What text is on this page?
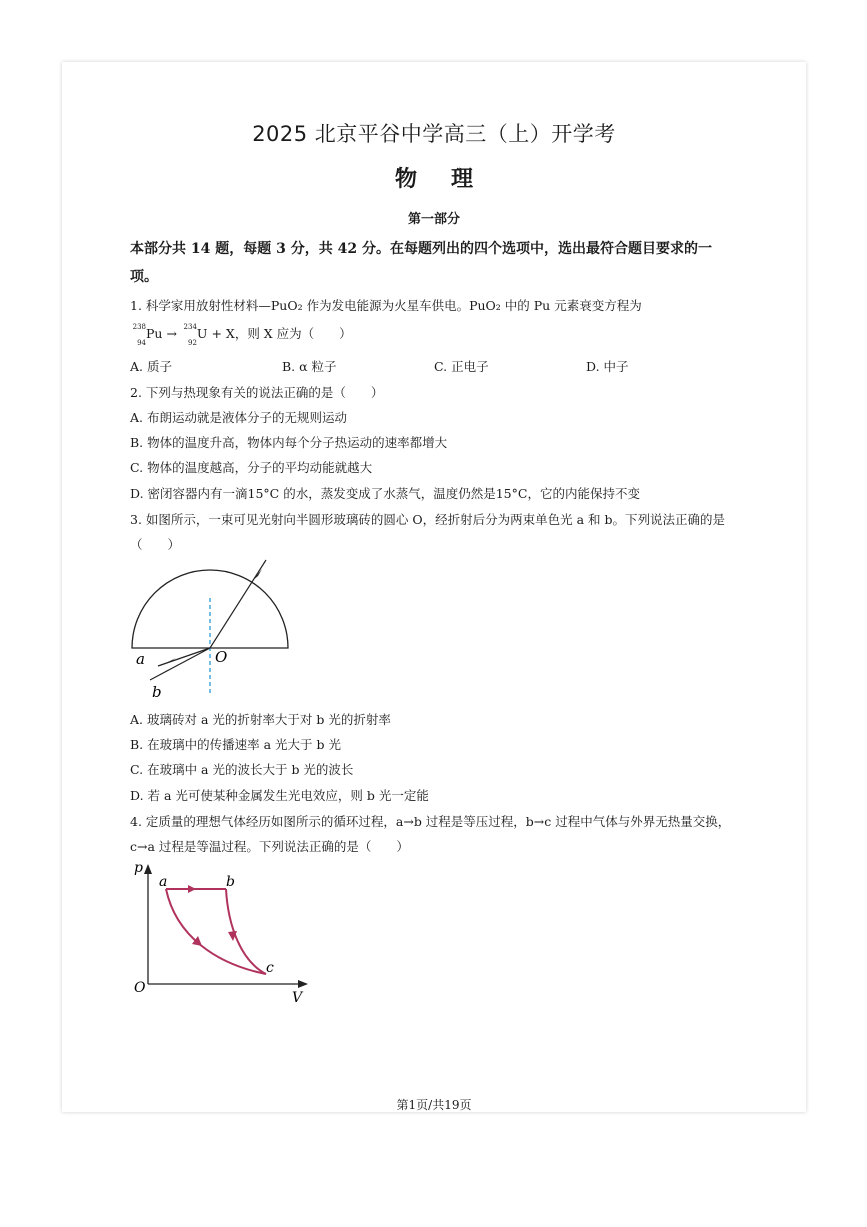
2025 北京平谷中学高三（上）开学考
物理
第一部分
本部分共 14 题，每题 3 分，共 42 分。在每题列出的四个选项中，选出最符合题目要求的一
项。
1. 科学家用放射性材料—PuO₂ 作为发电能源为火星车供电。PuO₂ 中的 Pu 元素衰变方程为
238
94
Pu → 234
92
U + X，则 X 应为（　　）
A. 质子	B. α 粒子	C. 正电子	D. 中子
2. 下列与热现象有关的说法正确的是（　　）
A. 布朗运动就是液体分子的无规则运动
B. 物体的温度升高，物体内每个分子热运动的速率都增大
C. 物体的温度越高，分子的平均动能就越大
D. 密闭容器内有一滴15°C 的水，蒸发变成了水蒸气，温度仍然是15°C，它的内能保持不变
3. 如图所示，一束可见光射向半圆形玻璃砖的圆心 O，经折射后分为两束单色光 a 和 b。下列说法正确的是
（　　）
a
b
O
A. 玻璃砖对 a 光的折射率大于对 b 光的折射率
B. 在玻璃中的传播速率 a 光大于 b 光
C. 在玻璃中 a 光的波长大于 b 光的波长
D. 若 a 光可使某种金属发生光电效应，则 b 光一定能
4. 定质量的理想气体经历如图所示的循环过程，a→b 过程是等压过程，b→c 过程中气体与外界无热量交换，
c→a 过程是等温过程。下列说法正确的是（　　）
p
V
O
a	b
c
第1页/共19页
